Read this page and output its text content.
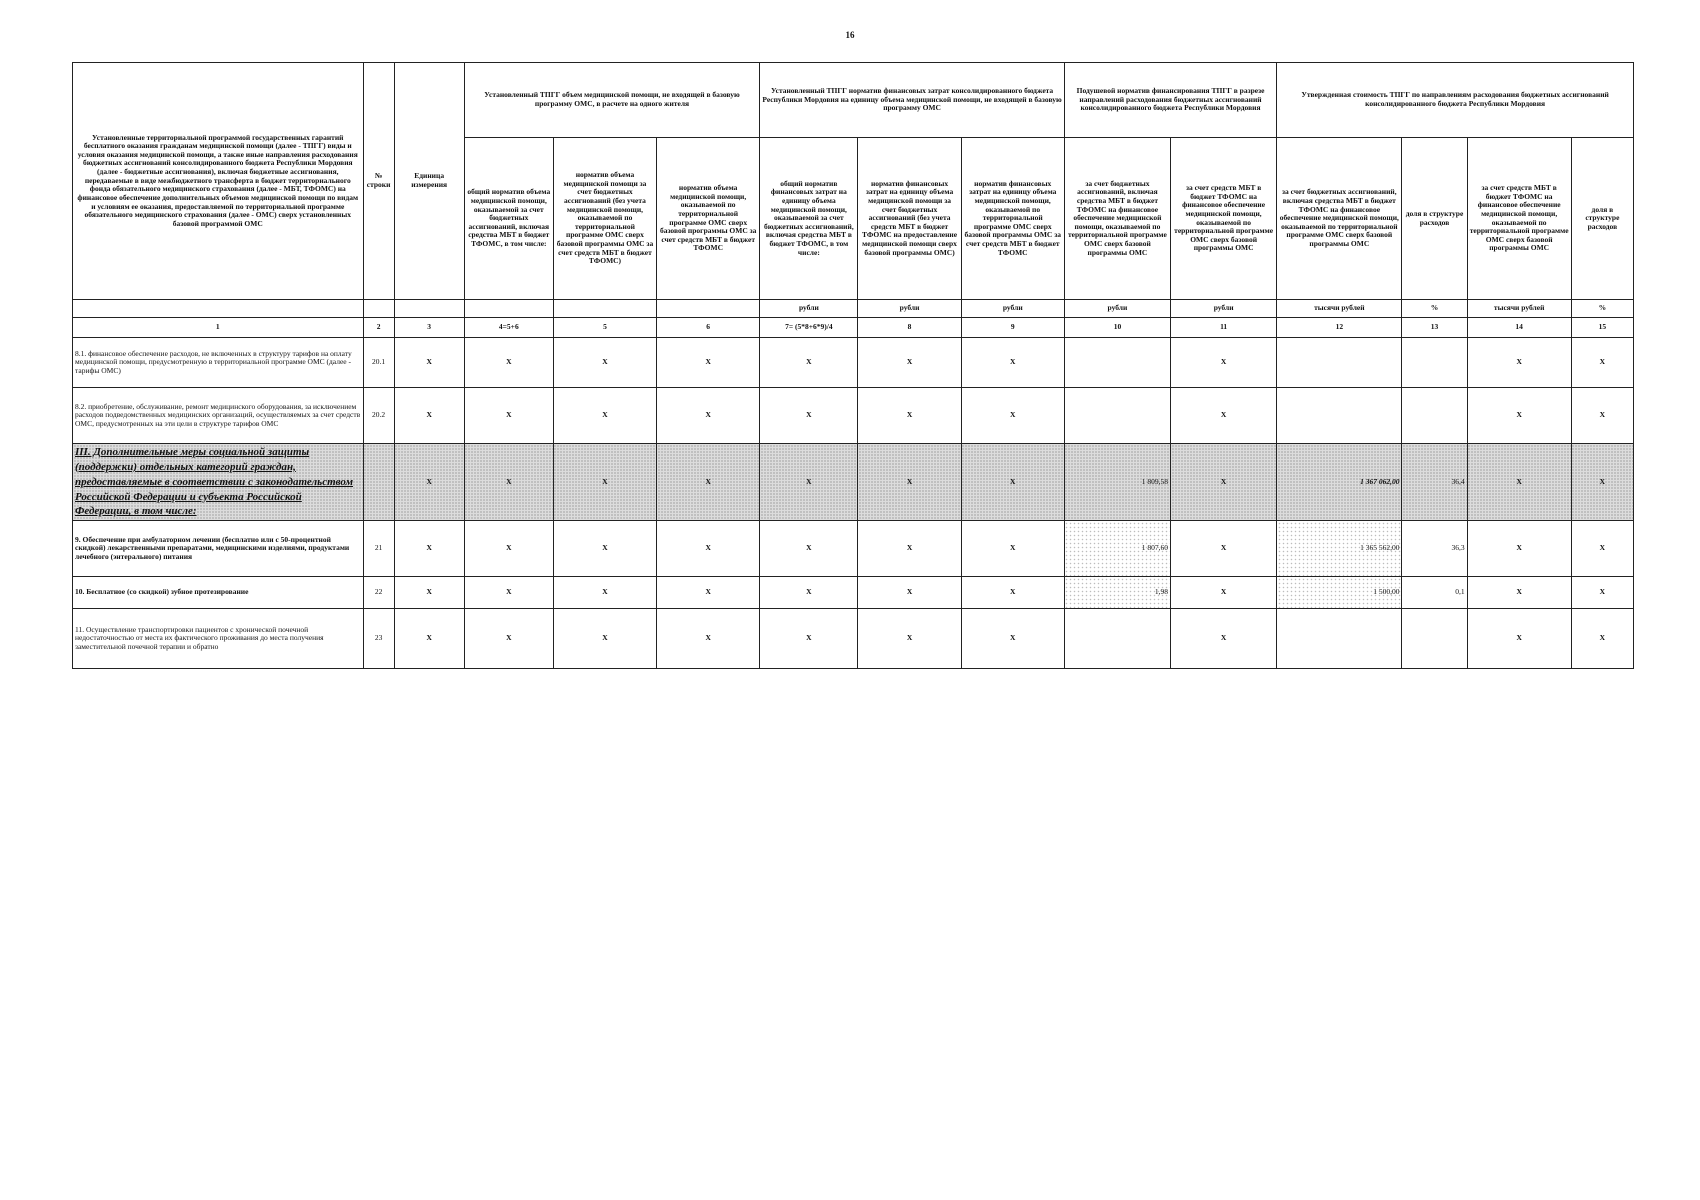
16
Установленные территориальной программой государственных гарантий бесплатного оказания гражданам медицинской помощи (далее - ТПГГ) виды и условия оказания медицинской помощи, а также иные направления расходования бюджетных ассигнований консолидированного бюджета Республики Мордовия (далее - бюджетные ассигнования), включая бюджетные ассигнования, передаваемые в виде межбюджетного трансферта в бюджет территориального фонда обязательного медицинского страхования (далее - МБТ, ТФОМС) на финансовое обеспечение дополнительных объемов медицинской помощи по видам и условиям ее оказания, предоставляемой по территориальной программе обязательного медицинского страхования (далее - ОМС) сверх установленных базовой программой ОМС	№ строки	Единица измерения	Установленный ТПГГ объем медицинской помощи, не входящей в базовую программу ОМС, в расчете на одного жителя			Установленный ТПГГ норматив финансовых затрат консолидированного бюджета Республики Мордовия на единицу объема медицинской помощи, не входящей в базовую программу ОМС			Подушевой норматив финансирования ТПГГ в разрезе направлений расходования бюджетных ассигнований консолидированного бюджета Республики Мордовия		Утвержденная стоимость ТПГГ по направлениям расходования бюджетных ассигнований консолидированного бюджета Республики Мордовия			
			общий норматив объема медицинской помощи, оказываемой за счет бюджетных ассигнований, включая средства МБТ в бюджет ТФОМС, в том числе:	норматив объема медицинской помощи за счет бюджетных ассигнований (без учета медицинской помощи, оказываемой по территориальной программе ОМС сверх базовой программы ОМС за счет средств МБТ в бюджет ТФОМС)	норматив объема медицинской помощи, оказываемой по территориальной программе ОМС сверх базовой программы ОМС за счет средств МБТ в бюджет ТФОМС	общий норматив финансовых затрат на единицу объема медицинской помощи, оказываемой за счет бюджетных ассигнований, включая средства МБТ в бюджет ТФОМС, в том числе:	норматив финансовых затрат на единицу объема медицинской помощи за счет бюджетных ассигнований (без учета средств МБТ в бюджет ТФОМС на предоставление медицинской помощи сверх базовой программы ОМС)	норматив финансовых затрат на единицу объема медицинской помощи, оказываемой по территориальной программе ОМС сверх базовой программы ОМС за счет средств МБТ в бюджет ТФОМС	за счет бюджетных ассигнований, включая средства МБТ в бюджет ТФОМС на финансовое обеспечение медицинской помощи, оказываемой по территориальной программе ОМС сверх базовой программы ОМС	за счет средств МБТ в бюджет ТФОМС на финансовое обеспечение медицинской помощи, оказываемой по территориальной программе ОМС сверх базовой программы ОМС	за счет бюджетных ассигнований, включая средства МБТ в бюджет ТФОМС на финансовое обеспечение медицинской помощи, оказываемой по территориальной программе ОМС сверх базовой программы ОМС	доля в структуре расходов	за счет средств МБТ в бюджет ТФОМС на финансовое обеспечение медицинской помощи, оказываемой по территориальной программе ОМС сверх базовой программы ОМС	доля в структуре расходов
						рубли	рубли	рубли	рубли	рубли	тысячи рублей	%	тысячи рублей	%
1	2	3	4=5+6	5	6	7= (5*8+6*9)/4	8	9	10	11	12	13	14	15
8.1. финансовое обеспечение расходов, не включенных в структуру тарифов на оплату медицинской помощи, предусмотренную в территориальной программе ОМС (далее - тарифы ОМС)	20.1	X	X	X	X	X	X	X		X			X	X
8.2. приобретение, обслуживание, ремонт медицинского оборудования, за исключением расходов подведомственных медицинских организаций, осуществляемых за счет средств ОМС, предусмотренных на эти цели в структуре тарифов ОМС	20.2	X	X	X	X	X	X	X		X			X	X
III. Дополнительные меры социальной защиты (поддержки) отдельных категорий граждан, предоставляемые в соответствии с законодательством Российской Федерации и субъекта Российской Федерации, в том числе:		X	X	X	X	X	X	X	1 809,58	X	1 367 062,00	36,4	X	X
9. Обеспечение при амбулаторном лечении (бесплатно или с 50-процентной скидкой) лекарственными препаратами, медицинскими изделиями, продуктами лечебного (энтерального) питания	21	X	X	X	X	X	X	X	1 807,60	X	1 365 562,00	36,3	X	X
10. Бесплатное (со скидкой) зубное протезирование	22	X	X	X	X	X	X	X	1,98	X	1 500,00	0,1	X	X
11. Осуществление транспортировки пациентов с хронической почечной недостаточностью от места их фактического проживания до места получения заместительной почечной терапии и обратно	23	X	X	X	X	X	X	X		X			X	X
